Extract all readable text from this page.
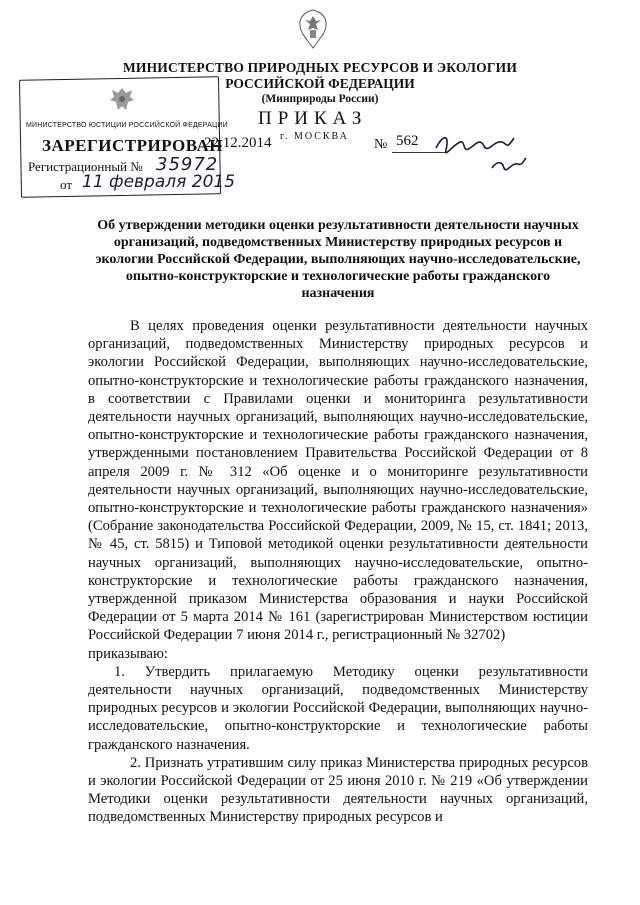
МИНИСТЕРСТВО ПРИРОДНЫХ РЕСУРСОВ И ЭКОЛОГИИ
РОССИЙСКОЙ ФЕДЕРАЦИИ
(Минприроды России)
ПРИКАЗ
г. МОСКВА
22.12.2014	№ 562
МИНИСТЕРСТВО ЮСТИЦИИ РОССИЙСКОЙ ФЕДЕРАЦИИ
ЗАРЕГИСТРИРОВАН
Регистрационный № 35972
от 11 февраля 2015
Об утверждении методики оценки результативности деятельности научных организаций, подведомственных Министерству природных ресурсов и экологии Российской Федерации, выполняющих научно-исследовательские, опытно-конструкторские и технологические работы гражданского назначения

В целях проведения оценки результативности деятельности научных организаций, подведомственных Министерству природных ресурсов и экологии Российской Федерации, выполняющих научно-исследовательские, опытно-конструкторские и технологические работы гражданского назначения, в соответствии с Правилами оценки и мониторинга результативности деятельности научных организаций, выполняющих научно-исследовательские, опытно-конструкторские и технологические работы гражданского назначения, утвержденными постановлением Правительства Российской Федерации от 8 апреля 2009 г. № 312 «Об оценке и о мониторинге результативности деятельности научных организаций, выполняющих научно-исследовательские, опытно-конструкторские и технологические работы гражданского назначения» (Собрание законодательства Российской Федерации, 2009, № 15, ст. 1841; 2013, № 45, ст. 5815) и Типовой методикой оценки результативности деятельности научных организаций, выполняющих научно-исследовательские, опытно-конструкторские и технологические работы гражданского назначения, утвержденной приказом Министерства образования и науки Российской Федерации от 5 марта 2014 № 161 (зарегистрирован Министерством юстиции Российской Федерации 7 июня 2014 г., регистрационный № 32702)

приказываю:

1. Утвердить прилагаемую Методику оценки результативности деятельности научных организаций, подведомственных Министерству природных ресурсов и экологии Российской Федерации, выполняющих научно-исследовательские, опытно-конструкторские и технологические работы гражданского назначения.

2. Признать утратившим силу приказ Министерства природных ресурсов и экологии Российской Федерации от 25 июня 2010 г. № 219 «Об утверждении Методики оценки результативности деятельности научных организаций, подведомственных Министерству природных ресурсов и
